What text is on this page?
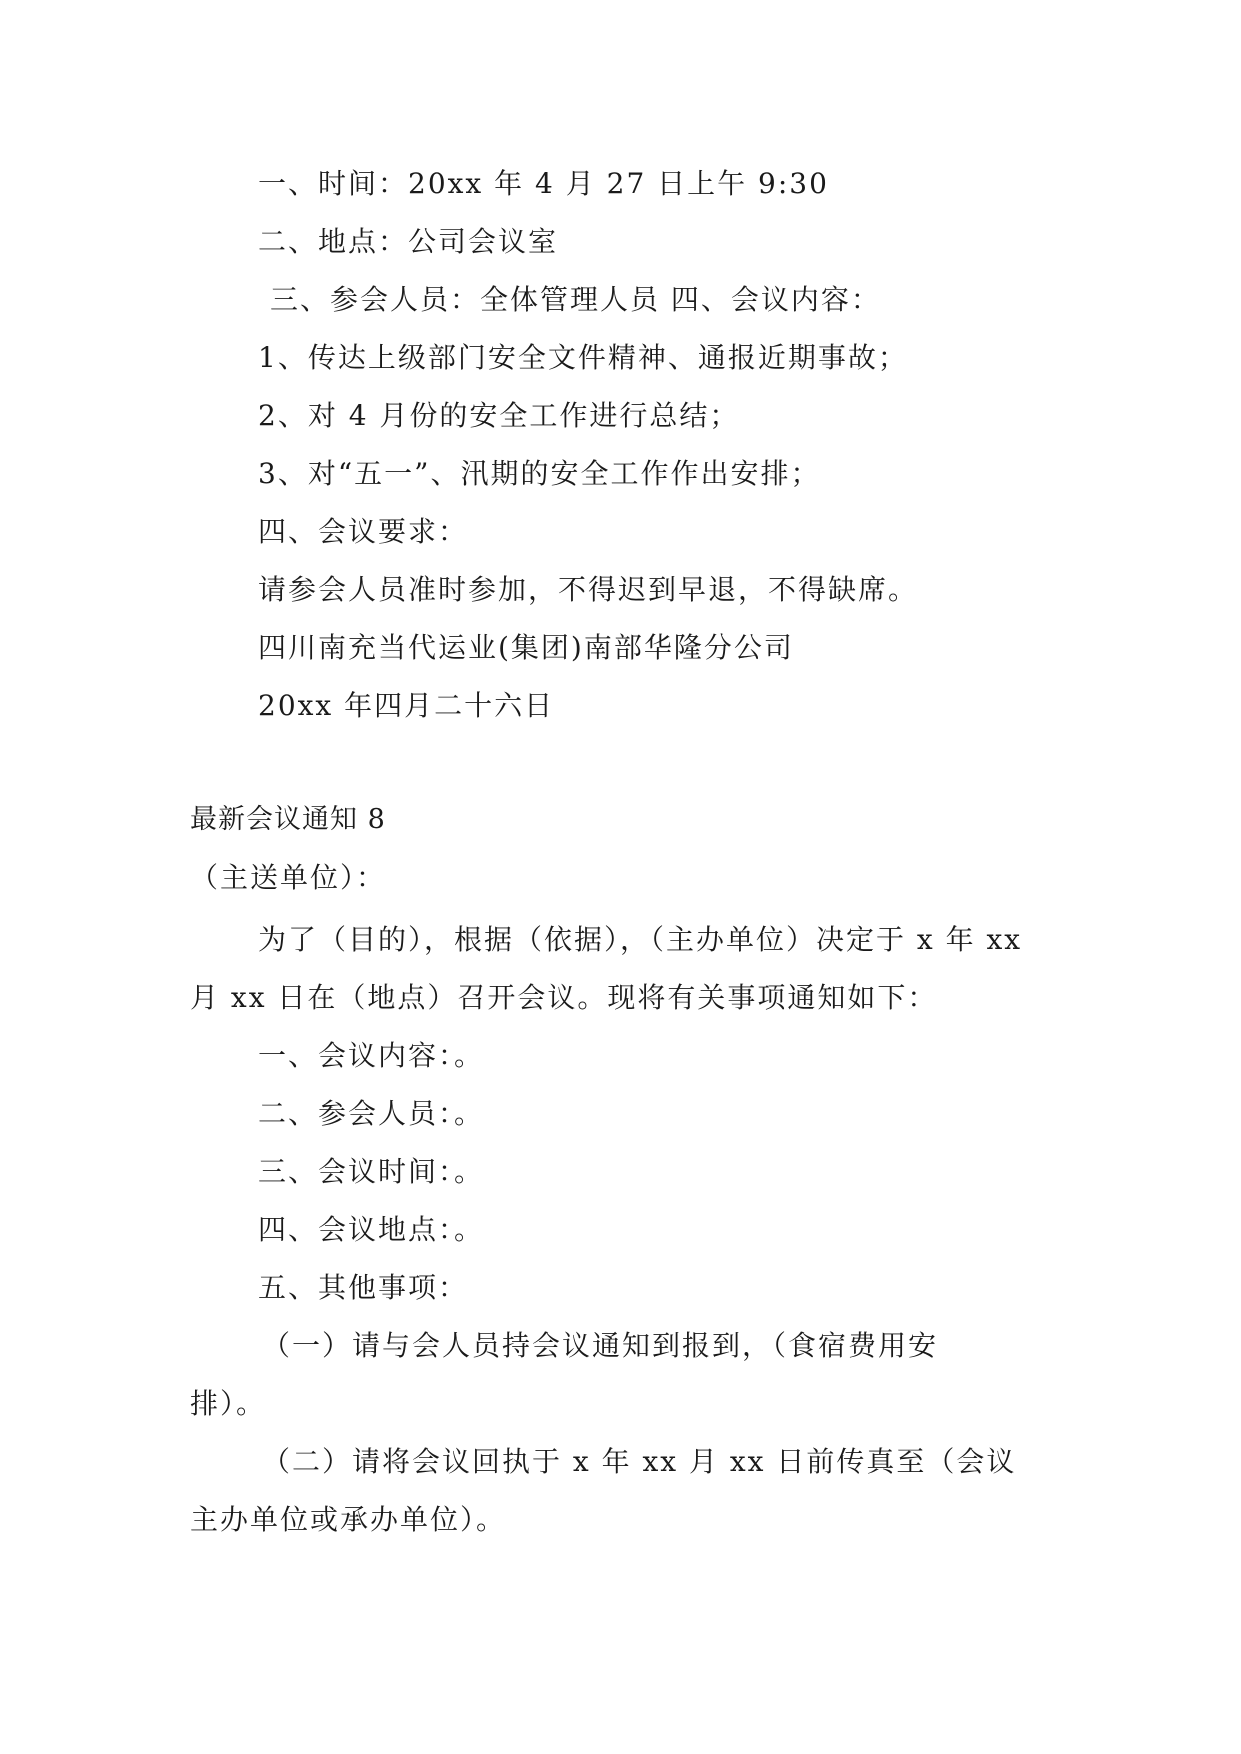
一、时间：20xx 年 4 月 27 日上午 9:30
二、地点：公司会议室
三、参会人员：全体管理人员 四、会议内容：
1、传达上级部门安全文件精神、通报近期事故；
2、对 4 月份的安全工作进行总结；
3、对“五一”、汛期的安全工作作出安排；
四、会议要求：
请参会人员准时参加，不得迟到早退，不得缺席。
四川南充当代运业(集团)南部华隆分公司
20xx 年四月二十六日
最新会议通知 8
（主送单位）：
为了（目的），根据（依据），（主办单位）决定于 x 年 xx
月 xx 日在（地点）召开会议。现将有关事项通知如下：
一、会议内容：。
二、参会人员：。
三、会议时间：。
四、会议地点：。
五、其他事项：
（一）请与会人员持会议通知到报到，（食宿费用安
排）。
（二）请将会议回执于 x 年 xx 月 xx 日前传真至（会议
主办单位或承办单位）。
